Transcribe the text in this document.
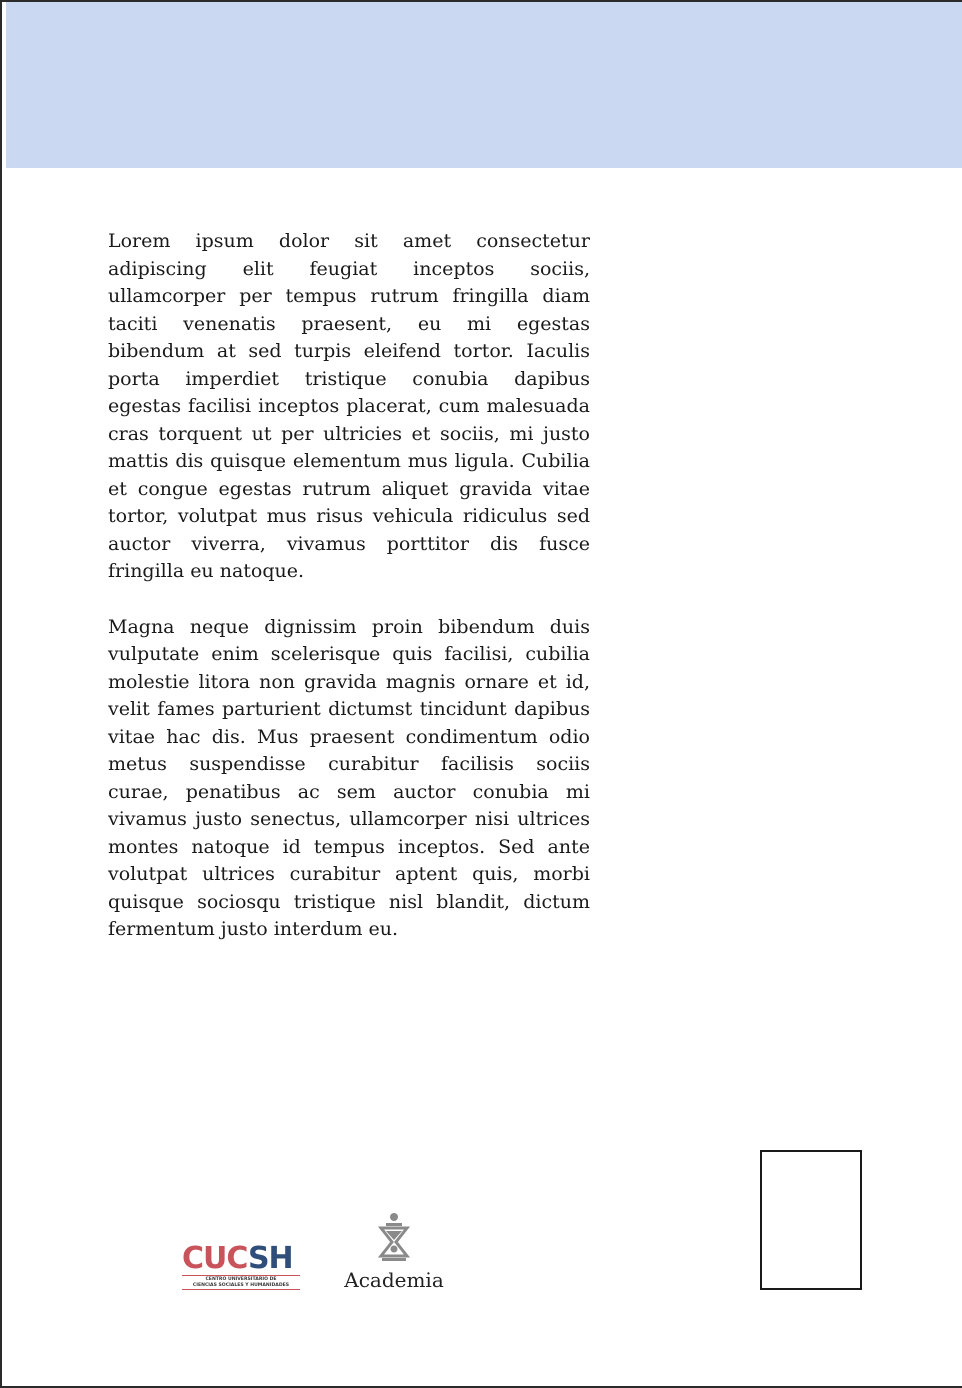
Lorem ipsum dolor sit amet consectetur adipiscing elit feugiat inceptos sociis, ullamcorper per tempus rutrum fringilla diam taciti venenatis praesent, eu mi egestas bibendum at sed turpis eleifend tortor. Iaculis porta imperdiet tristique conubia dapibus egestas facilisi inceptos placerat, cum malesuada cras torquent ut per ultricies et sociis, mi justo mattis dis quisque elementum mus ligula. Cubilia et congue egestas rutrum aliquet gravida vitae tortor, volutpat mus risus vehicula ridiculus sed auctor viverra, vivamus porttitor dis fusce fringilla eu natoque.

Magna neque dignissim proin bibendum duis vulputate enim scelerisque quis facilisi, cubilia molestie litora non gravida magnis ornare et id, velit fames parturient dictumst tincidunt dapibus vitae hac dis. Mus praesent condimentum odio metus suspendisse curabitur facilisis sociis curae, penatibus ac sem auctor conubia mi vivamus justo senectus, ullamcorper nisi ultrices montes natoque id tempus inceptos. Sed ante volutpat ultrices curabitur aptent quis, morbi quisque sociosqu tristique nisl blandit, dictum fermentum justo interdum eu.

CUCSH
CENTRO UNIVERSITARIO DE
CIENCIAS SOCIALES Y HUMANIDADES	Academia
